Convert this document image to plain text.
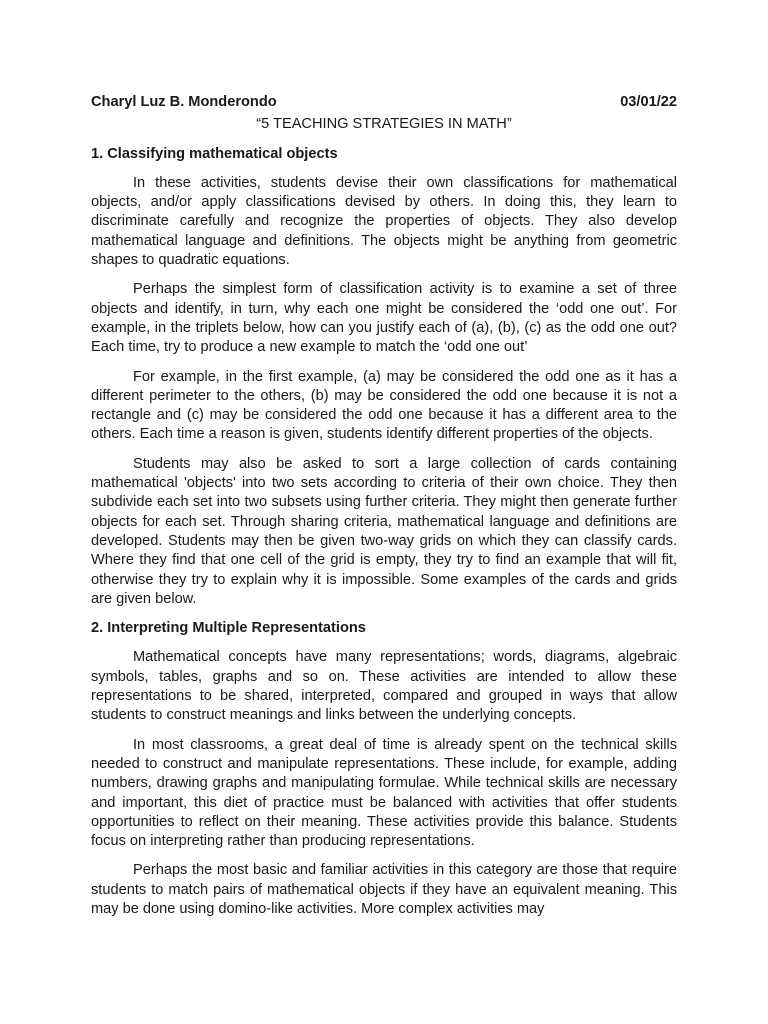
Charyl Luz B. Monderondo	03/01/22
“5 TEACHING STRATEGIES IN MATH”

1. Classifying mathematical objects

In these activities, students devise their own classifications for mathematical objects, and/or apply classifications devised by others. In doing this, they learn to discriminate carefully and recognize the properties of objects. They also develop mathematical language and definitions. The objects might be anything from geometric shapes to quadratic equations.

Perhaps the simplest form of classification activity is to examine a set of three objects and identify, in turn, why each one might be considered the ‘odd one out’. For example, in the triplets below, how can you justify each of (a), (b), (c) as the odd one out? Each time, try to produce a new example to match the ‘odd one out’

For example, in the first example, (a) may be considered the odd one as it has a different perimeter to the others, (b) may be considered the odd one because it is not a rectangle and (c) may be considered the odd one because it has a different area to the others. Each time a reason is given, students identify different properties of the objects.

Students may also be asked to sort a large collection of cards containing mathematical 'objects' into two sets according to criteria of their own choice. They then subdivide each set into two subsets using further criteria. They might then generate further objects for each set. Through sharing criteria, mathematical language and definitions are developed. Students may then be given two-way grids on which they can classify cards. Where they find that one cell of the grid is empty, they try to find an example that will fit, otherwise they try to explain why it is impossible. Some examples of the cards and grids are given below.

2. Interpreting Multiple Representations

Mathematical concepts have many representations; words, diagrams, algebraic symbols, tables, graphs and so on. These activities are intended to allow these representations to be shared, interpreted, compared and grouped in ways that allow students to construct meanings and links between the underlying concepts.

In most classrooms, a great deal of time is already spent on the technical skills needed to construct and manipulate representations. These include, for example, adding numbers, drawing graphs and manipulating formulae. While technical skills are necessary and important, this diet of practice must be balanced with activities that offer students opportunities to reflect on their meaning. These activities provide this balance. Students focus on interpreting rather than producing representations.

Perhaps the most basic and familiar activities in this category are those that require students to match pairs of mathematical objects if they have an equivalent meaning. This may be done using domino-like activities. More complex activities may
